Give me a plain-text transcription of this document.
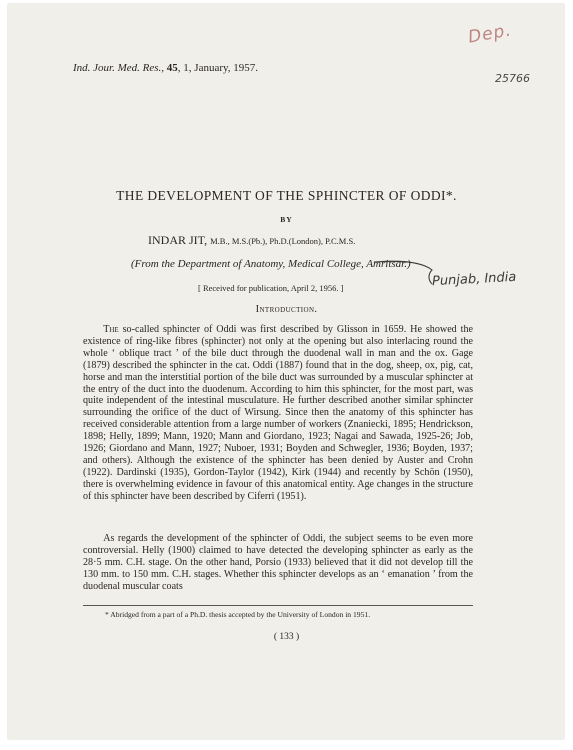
Ind. Jour. Med. Res., 45, 1, January, 1957.
Dep.
25766
Punjab, India
THE DEVELOPMENT OF THE SPHINCTER OF ODDI*.
BY
INDAR JIT, M.B., M.S.(Pb.), Ph.D.(London), P.C.M.S.
(From the Department of Anatomy, Medical College, Amritsar.)
[ Received for publication, April 2, 1956. ]
Introduction.

  The so-called sphincter of Oddi was first described by Glisson in 1659. He showed the existence of ring-like fibres (sphincter) not only at the opening but also interlacing round the whole ‘ oblique tract ’ of the bile duct through the duodenal wall in man and the ox. Gage (1879) described the sphincter in the cat. Oddi (1887) found that in the dog, sheep, ox, pig, cat, horse and man the interstitial portion of the bile duct was surrounded by a muscular sphincter at the entry of the duct into the duodenum. According to him this sphincter, for the most part, was quite independent of the intestinal musculature. He further described another similar sphincter surrounding the orifice of the duct of Wirsung. Since then the anatomy of this sphincter has received considerable attention from a large number of workers (Znaniecki, 1895; Hendrickson, 1898; Helly, 1899; Mann, 1920; Mann and Giordano, 1923; Nagai and Sawada, 1925-26; Job, 1926; Giordano and Mann, 1927; Nuboer, 1931; Boyden and Schwegler, 1936; Boyden, 1937; and others). Although the existence of the sphincter has been denied by Auster and Crohn (1922). Dardinski (1935), Gordon-Taylor (1942), Kirk (1944) and recently by Schön (1950), there is overwhelming evidence in favour of this anatomical entity. Age changes in the structure of this sphincter have been described by Ciferri (1951).

  As regards the development of the sphincter of Oddi, the subject seems to be even more controversial. Helly (1900) claimed to have detected the developing sphincter as early as the 28·5 mm. C.H. stage. On the other hand, Porsio (1933) believed that it did not develop till the 130 mm. to 150 mm. C.H. stages. Whether this sphincter develops as an ‘ emanation ’ from the duodenal muscular coats

* Abridged from a part of a Ph.D. thesis accepted by the University of London in 1951.
( 133 )
